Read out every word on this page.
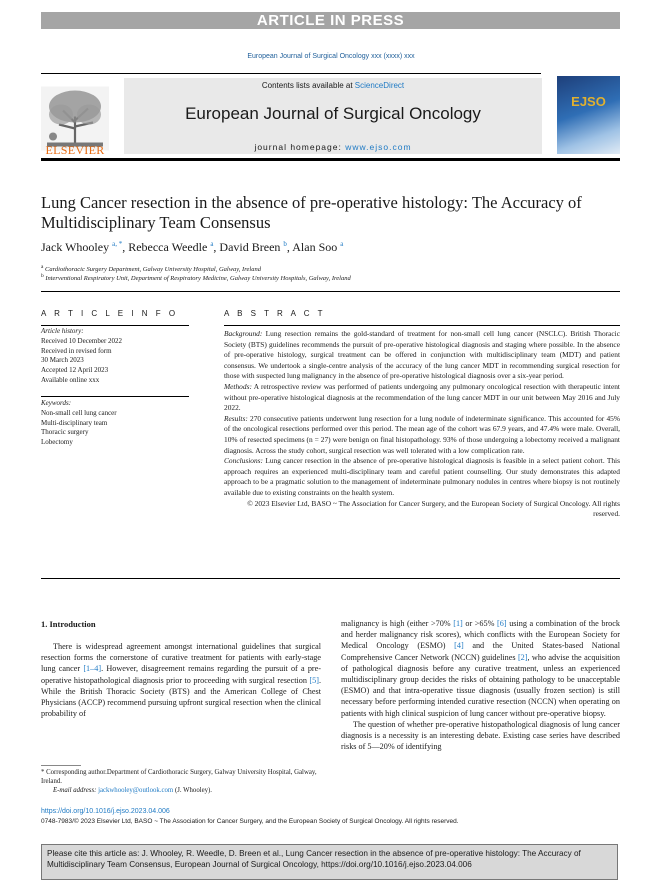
ARTICLE IN PRESS
European Journal of Surgical Oncology xxx (xxxx) xxx
ELSEVIER
Contents lists available at ScienceDirect
European Journal of Surgical Oncology
journal homepage: www.ejso.com
EJSO
Lung Cancer resection in the absence of pre-operative histology: The Accuracy of Multidisciplinary Team Consensus
Jack Whooley $^{a, *}$, Rebecca Weedle $^a$, David Breen $^b$, Alan Soo $^a$
$^a$ Cardiothoracic Surgery Department, Galway University Hospital, Galway, Ireland
$^b$ Interventional Respiratory Unit, Department of Respiratory Medicine, Galway University Hospitals, Galway, Ireland
A R T I C L E I N F O
Article history:
Received 10 December 2022
Received in revised form
30 March 2023
Accepted 12 April 2023
Available online xxx
Keywords:
Non-small cell lung cancer
Multi-disciplinary team
Thoracic surgery
Lobectomy
A B S T R A C T

Background: Lung resection remains the gold-standard of treatment for non-small cell lung cancer (NSCLC). British Thoracic Society (BTS) guidelines recommends the pursuit of pre-operative histological diagnosis and staging where possible. In the absence of pre-operative histology, surgical treatment can be offered in conjunction with multidisciplinary team (MDT) and patient consensus. We undertook a single-centre analysis of the accuracy of the lung cancer MDT in recommending surgical resection for those with suspected lung malignancy in the absence of pre-operative histological diagnosis over a six-year period.

Methods: A retrospective review was performed of patients undergoing any pulmonary oncological resection with therapeutic intent without pre-operative histological diagnosis at the recommendation of the lung cancer MDT in our unit between May 2016 and July 2022.

Results: 270 consecutive patients underwent lung resection for a lung nodule of indeterminate significance. This accounted for 45% of the oncological resections performed over this period. The mean age of the cohort was 67.9 years, and 47.4% were male. Overall, 10% of resected specimens (n = 27) were benign on final histopathology. 93% of those undergoing a lobectomy received a malignant diagnosis. Across the study cohort, surgical resection was well tolerated with a low complication rate.

Conclusions: Lung cancer resection in the absence of pre-operative histological diagnosis is feasible in a select patient cohort. This approach requires an experienced multi-disciplinary team and careful patient counselling. Our study demonstrates this adapted approach to be a pragmatic solution to the management of indeterminate pulmonary nodules in centres where biopsy is not routinely available due to existing constraints on the health system.

© 2023 Elsevier Ltd, BASO ~ The Association for Cancer Surgery, and the European Society of Surgical Oncology. All rights reserved.

1. Introduction

There is widespread agreement amongst international guidelines that surgical resection forms the cornerstone of curative treatment for patients with early-stage lung cancer [1–4]. However, disagreement remains regarding the pursuit of a pre-operative histopathological diagnosis prior to proceeding with surgical resection [5]. While the British Thoracic Society (BTS) and the American College of Chest Physicians (ACCP) recommend pursuing upfront surgical resection when the clinical probability of

malignancy is high (either >70% [1] or >65% [6] using a combination of the brock and herder malignancy risk scores), which conflicts with the European Society for Medical Oncology (ESMO) [4] and the United States-based National Comprehensive Cancer Network (NCCN) guidelines [2], who advise the acquisition of pathological diagnosis before any curative treatment, unless an experienced multidisciplinary group decides the risks of obtaining pathology to be unacceptable (ESMO) and that intra-operative tissue diagnosis (usually frozen section) is still necessary before performing intended curative resection (NCCN) when operating on patients with high clinical suspicion of lung cancer without pre-operative biopsy.

The question of whether pre-operative histopathological diagnosis of lung cancer diagnosis is a necessity is an interesting debate. Existing case series have described risks of 5—20% of identifying

* Corresponding author.Department of Cardiothoracic Surgery, Galway University Hospital, Galway, Ireland.
E-mail address: jackwhooley@outlook.com (J. Whooley).
https://doi.org/10.1016/j.ejso.2023.04.006
0748-7983/© 2023 Elsevier Ltd, BASO ~ The Association for Cancer Surgery, and the European Society of Surgical Oncology. All rights reserved.
Please cite this article as: J. Whooley, R. Weedle, D. Breen et al., Lung Cancer resection in the absence of pre-operative histology: The Accuracy of Multidisciplinary Team Consensus, European Journal of Surgical Oncology, https://doi.org/10.1016/j.ejso.2023.04.006
